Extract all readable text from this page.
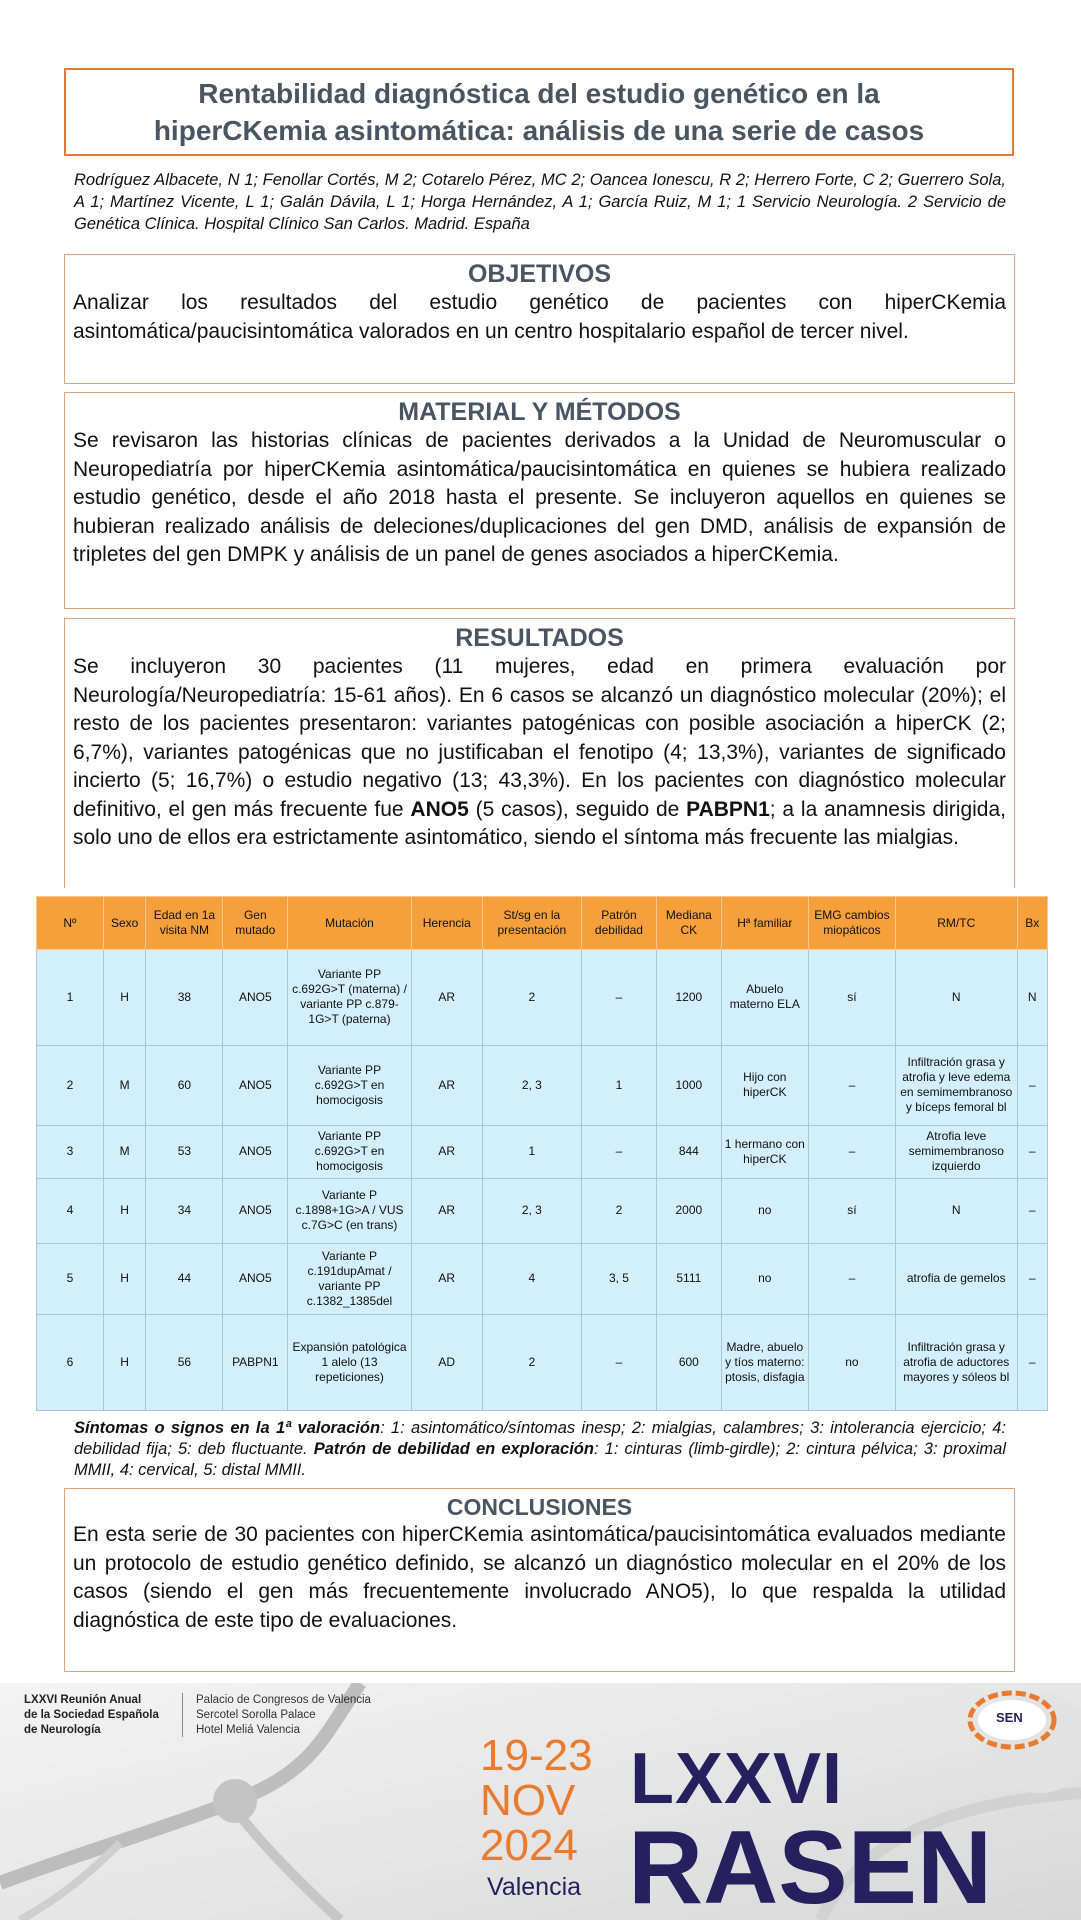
Rentabilidad diagnóstica del estudio genético en la
hiperCKemia asintomática: análisis de una serie de casos
Rodríguez Albacete, N 1; Fenollar Cortés, M 2; Cotarelo Pérez, MC 2; Oancea Ionescu, R 2; Herrero Forte, C 2; Guerrero Sola, A 1; Martínez Vicente, L 1; Galán Dávila, L 1; Horga Hernández, A 1; García Ruiz, M 1; 1 Servicio Neurología. 2 Servicio de Genética Clínica. Hospital Clínico San Carlos. Madrid. España
OBJETIVOS

Analizar los resultados del estudio genético de pacientes con hiperCKemia asintomática/paucisintomática valorados en un centro hospitalario español de tercer nivel.

MATERIAL Y MÉTODOS

Se revisaron las historias clínicas de pacientes derivados a la Unidad de Neuromuscular o Neuropediatría por hiperCKemia asintomática/paucisintomática en quienes se hubiera realizado estudio genético, desde el año 2018 hasta el presente. Se incluyeron aquellos en quienes se hubieran realizado análisis de deleciones/duplicaciones del gen DMD, análisis de expansión de tripletes del gen DMPK y análisis de un panel de genes asociados a hiperCKemia.

RESULTADOS

Se incluyeron 30 pacientes (11 mujeres, edad en primera evaluación por Neurología/Neuropediatría: 15-61 años). En 6 casos se alcanzó un diagnóstico molecular (20%); el resto de los pacientes presentaron: variantes patogénicas con posible asociación a hiperCK (2; 6,7%), variantes patogénicas que no justificaban el fenotipo (4; 13,3%), variantes de significado incierto (5; 16,7%) o estudio negativo (13; 43,3%). En los pacientes con diagnóstico molecular definitivo, el gen más frecuente fue ANO5 (5 casos), seguido de PABPN1; a la anamnesis dirigida, solo uno de ellos era estrictamente asintomático, siendo el síntoma más frecuente las mialgias.

Nº	Sexo	Edad en 1a visita NM	Gen mutado	Mutación	Herencia	St/sg en la presentación	Patrón debilidad	Mediana CK	Hª familiar	EMG cambios miopáticos	RM/TC	Bx
1	H	38	ANO5	Variante PP c.692G>T (materna) / variante PP c.879-1G>T (paterna)	AR	2	–	1200	Abuelo materno ELA	sí	N	N
2	M	60	ANO5	Variante PP c.692G>T en homocigosis	AR	2, 3	1	1000	Hijo con hiperCK	–	Infiltración grasa y atrofia y leve edema en semimembranoso y bíceps femoral bl	–
3	M	53	ANO5	Variante PP c.692G>T en homocigosis	AR	1	–	844	1 hermano con hiperCK	–	Atrofia leve semimembranoso izquierdo	–
4	H	34	ANO5	Variante P c.1898+1G>A / VUS c.7G>C (en trans)	AR	2, 3	2	2000	no	sí	N	–
5	H	44	ANO5	Variante P c.191dupAmat / variante PP c.1382_1385del	AR	4	3, 5	5111	no	–	atrofia de gemelos	–
6	H	56	PABPN1	Expansión patológica 1 alelo (13 repeticiones)	AD	2	–	600	Madre, abuelo y tíos materno: ptosis, disfagia	no	Infiltración grasa y atrofia de aductores mayores y sóleos bl	–
Síntomas o signos en la 1ª valoración: 1: asintomático/síntomas inesp; 2: mialgias, calambres; 3: intolerancia ejercicio; 4: debilidad fija; 5: deb fluctuante. Patrón de debilidad en exploración: 1: cinturas (limb-girdle); 2: cintura pélvica; 3: proximal MMII, 4: cervical, 5: distal MMII.
CONCLUSIONES

En esta serie de 30 pacientes con hiperCKemia asintomática/paucisintomática evaluados mediante un protocolo de estudio genético definido, se alcanzó un diagnóstico molecular en el 20% de los casos (siendo el gen más frecuentemente involucrado ANO5), lo que respalda la utilidad diagnóstica de este tipo de evaluaciones.

LXXVI Reunión Anual
de la Sociedad Española
de Neurología
Palacio de Congresos de Valencia
Sercotel Sorolla Palace
Hotel Meliá Valencia
19-23
NOV
2024
Valencia
LXXVI
RASEN
SEN
